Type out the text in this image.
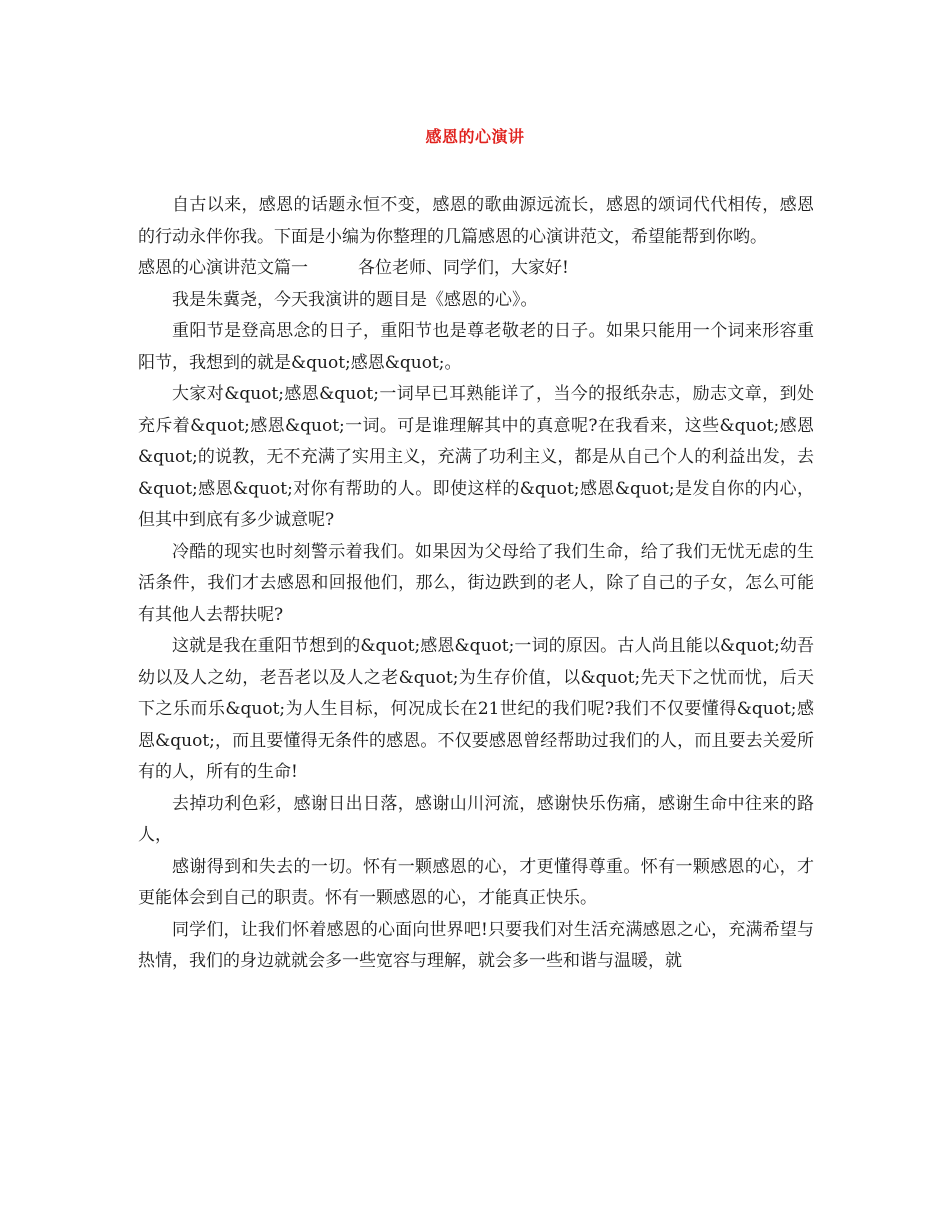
感恩的心演讲

自古以来，感恩的话题永恒不变，感恩的歌曲源远流长，感恩的颂词代代相传，感恩的行动永伴你我。下面是小编为你整理的几篇感恩的心演讲范文，希望能帮到你哟。

感恩的心演讲范文篇一	各位老师、同学们，大家好!

我是朱冀尧，今天我演讲的题目是《感恩的心》。

重阳节是登高思念的日子，重阳节也是尊老敬老的日子。如果只能用一个词来形容重阳节，我想到的就是&quot;感恩&quot;。

大家对&quot;感恩&quot;一词早已耳熟能详了，当今的报纸杂志，励志文章，到处充斥着&quot;感恩&quot;一词。可是谁理解其中的真意呢?在我看来，这些&quot;感恩&quot;的说教，无不充满了实用主义，充满了功利主义，都是从自己个人的利益出发，去&quot;感恩&quot;对你有帮助的人。即使这样的&quot;感恩&quot;是发自你的内心，但其中到底有多少诚意呢?

冷酷的现实也时刻警示着我们。如果因为父母给了我们生命，给了我们无忧无虑的生活条件，我们才去感恩和回报他们，那么，街边跌到的老人，除了自己的子女，怎么可能有其他人去帮扶呢?

这就是我在重阳节想到的&quot;感恩&quot;一词的原因。古人尚且能以&quot;幼吾幼以及人之幼，老吾老以及人之老&quot;为生存价值，以&quot;先天下之忧而忧，后天下之乐而乐&quot;为人生目标，何况成长在21世纪的我们呢?我们不仅要懂得&quot;感恩&quot;，而且要懂得无条件的感恩。不仅要感恩曾经帮助过我们的人，而且要去关爱所有的人，所有的生命!

去掉功利色彩，感谢日出日落，感谢山川河流，感谢快乐伤痛，感谢生命中往来的路人，

感谢得到和失去的一切。怀有一颗感恩的心，才更懂得尊重。怀有一颗感恩的心，才更能体会到自己的职责。怀有一颗感恩的心，才能真正快乐。

同学们，让我们怀着感恩的心面向世界吧!只要我们对生活充满感恩之心，充满希望与热情，我们的身边就就会多一些宽容与理解，就会多一些和谐与温暖，就
